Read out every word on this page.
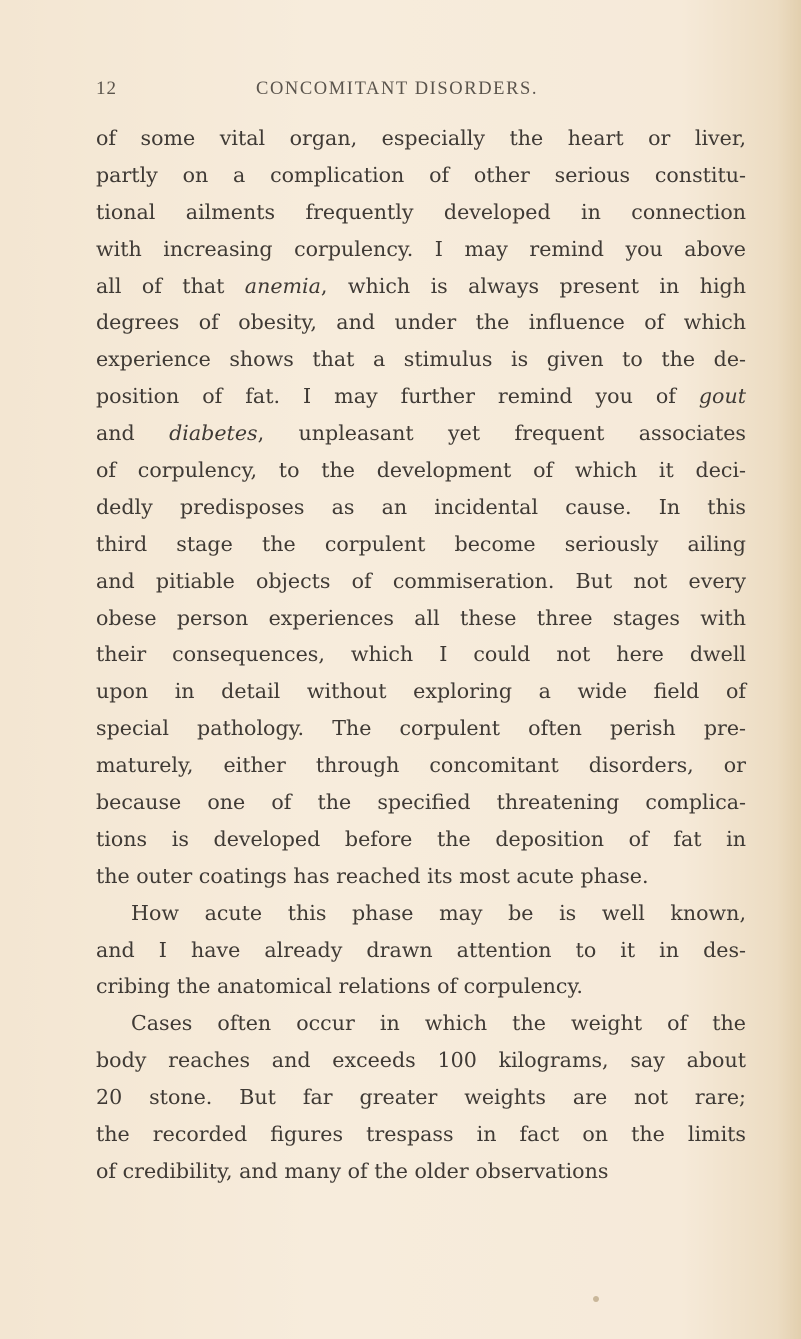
12	CONCOMITANT DISORDERS.
of some vital organ, especially the heart or liver,
partly on a complication of other serious constitu-
tional ailments frequently developed in connection
with increasing corpulency. I may remind you above
all of that anemia, which is always present in high
degrees of obesity, and under the influence of which
experience shows that a stimulus is given to the de-
position of fat. I may further remind you of gout
and diabetes, unpleasant yet frequent associates
of corpulency, to the development of which it deci-
dedly predisposes as an incidental cause. In this
third stage the corpulent become seriously ailing
and pitiable objects of commiseration. But not every
obese person experiences all these three stages with
their consequences, which I could not here dwell
upon in detail without exploring a wide field of
special pathology. The corpulent often perish pre-
maturely, either through concomitant disorders, or
because one of the specified threatening complica-
tions is developed before the deposition of fat in
the outer coatings has reached its most acute phase.
How acute this phase may be is well known,
and I have already drawn attention to it in des-
cribing the anatomical relations of corpulency.
Cases often occur in which the weight of the
body reaches and exceeds 100 kilograms, say about
20 stone. But far greater weights are not rare;
the recorded figures trespass in fact on the limits
of credibility, and many of the older observations
